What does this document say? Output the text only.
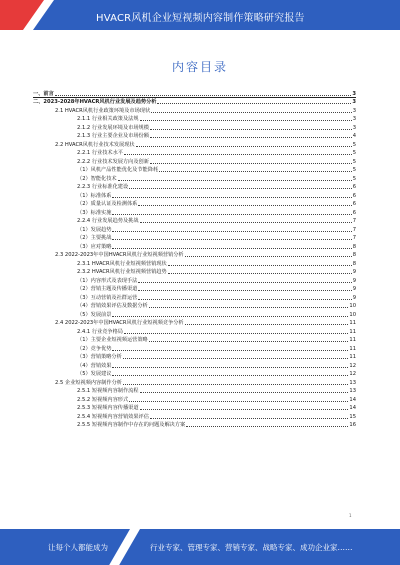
HVACR风机企业短视频内容制作策略研究报告
内容目录
一、前言	3
二、2023-2028年HVACR风机行业发展及趋势分析	3
2.1 HVACR风机行业政策环境及市场现状	3
2.1.1 行业相关政策及法规	3
2.1.2 行业发展环境及市场规模	3
2.1.3 行业主要企业及市场份额	4
2.2 HVACR风机行业技术发展现状	5
2.2.1 行业技术水平	5
2.2.2 行业技术发展方向及创新	5
（1）风机产品性能优化及节能降耗	5
（2）智能化技术	5
2.2.3 行业标准化建设	6
（1）标准体系	6
（2）质量认证及检测体系	6
（3）标准实施	6
2.2.4 行业发展趋势及挑战	7
（1）发展趋势	7
（2）主要挑战	7
（3）应对策略	8
2.3 2022-2023年中国HVACR风机行业短视频营销分析	8
2.3.1 HVACR风机行业短视频营销现状	8
2.3.2 HVACR风机行业短视频营销趋势	9
（1）内容形式及表现手法	9
（2）营销主题及传播渠道	9
（3）互动营销及社群运营	9
（4）营销效果评估及数据分析	10
（5）发展前景	10
2.4 2022-2023年中国HVACR风机行业短视频竞争分析	11
2.4.1 行业竞争格局	11
（1）主要企业短视频运营策略	11
（2）竞争优势	11
（3）营销策略分析	11
（4）营销效果	12
（5）发展建议	12
2.5 企业短视频内容制作分析	13
2.5.1 短视频内容制作流程	13
2.5.2 短视频内容形式	14
2.5.3 短视频内容传播渠道	14
2.5.4 短视频内容营销效果评估	15
2.5.5 短视频内容制作中存在的问题及解决方案	16
1
让每个人都能成为	行业专家、管理专家、营销专家、战略专家、成功企业家……
